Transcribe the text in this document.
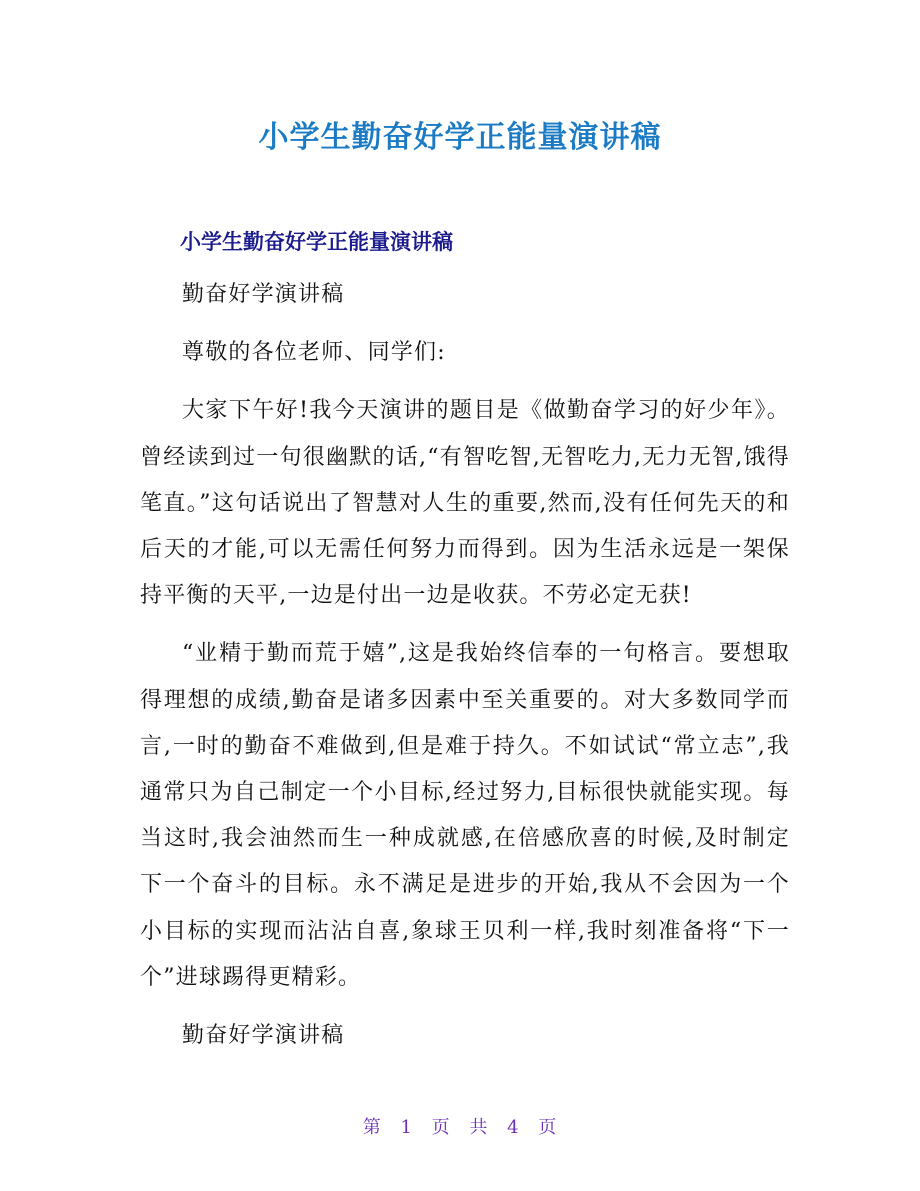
小学生勤奋好学正能量演讲稿
小学生勤奋好学正能量演讲稿

勤奋好学演讲稿

尊敬的各位老师、同学们:

大家下午好!我今天演讲的题目是《做勤奋学习的好少年》。曾经读到过一句很幽默的话,“有智吃智,无智吃力,无力无智,饿得笔直。”这句话说出了智慧对人生的重要,然而,没有任何先天的和后天的才能,可以无需任何努力而得到。因为生活永远是一架保持平衡的天平,一边是付出一边是收获。不劳必定无获!

“业精于勤而荒于嬉”,这是我始终信奉的一句格言。要想取得理想的成绩,勤奋是诸多因素中至关重要的。对大多数同学而言,一时的勤奋不难做到,但是难于持久。不如试试“常立志”,我通常只为自己制定一个小目标,经过努力,目标很快就能实现。每当这时,我会油然而生一种成就感,在倍感欣喜的时候,及时制定下一个奋斗的目标。永不满足是进步的开始,我从不会因为一个小目标的实现而沾沾自喜,象球王贝利一样,我时刻准备将“下一个”进球踢得更精彩。

勤奋好学演讲稿

第 1 页 共 4 页
